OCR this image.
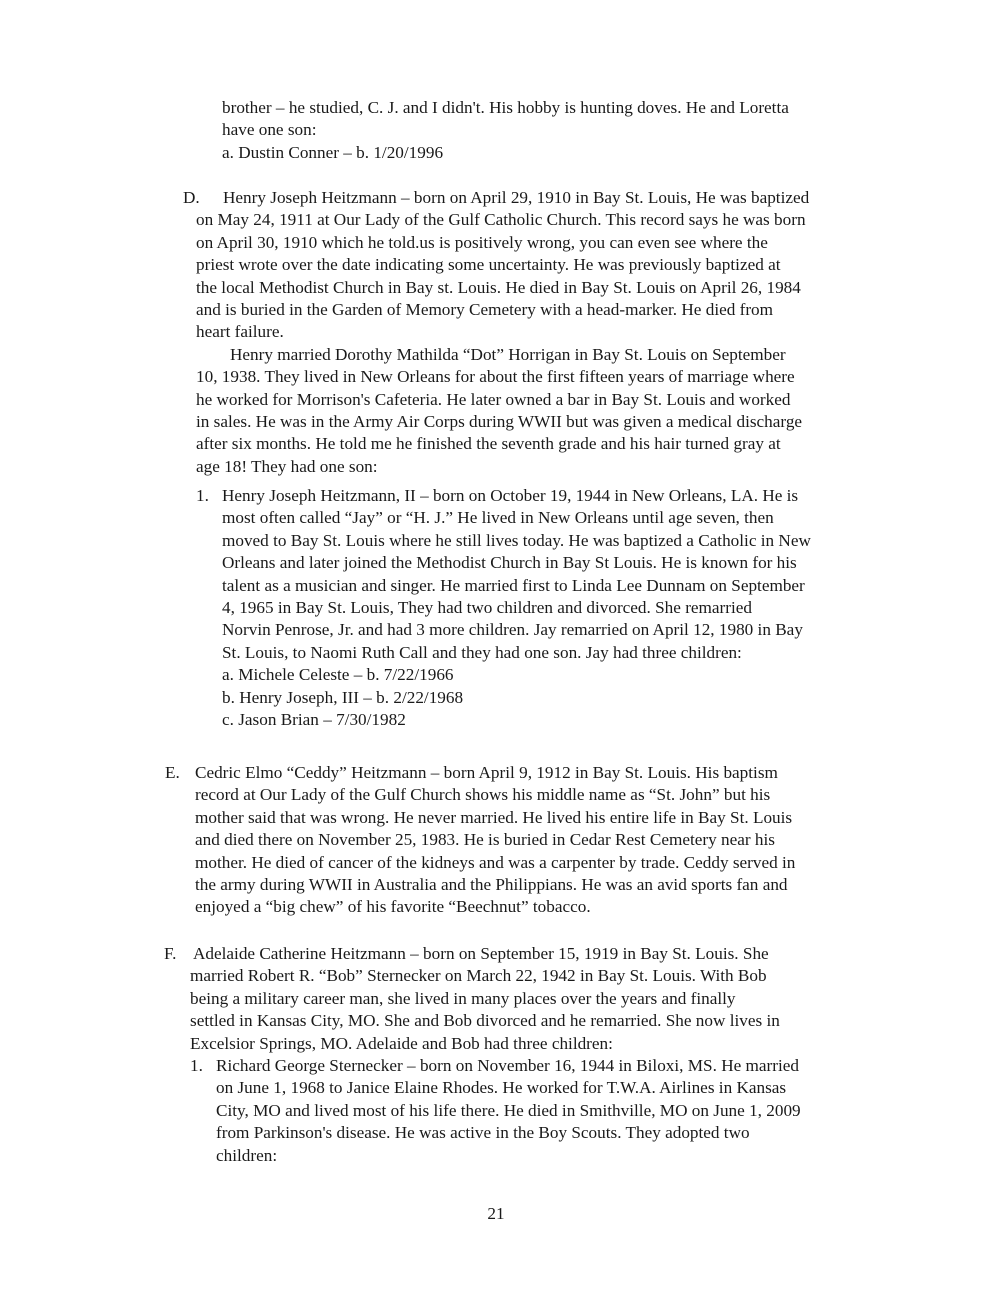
brother – he studied, C. J. and I didn't. His hobby is hunting doves. He and Loretta
have one son:
a. Dustin Conner – b. 1/20/1996
D. Henry Joseph Heitzmann – born on April 29, 1910 in Bay St. Louis, He was baptized
on May 24, 1911 at Our Lady of the Gulf Catholic Church. This record says he was born
on April 30, 1910 which he told.us is positively wrong, you can even see where the
priest wrote over the date indicating some uncertainty. He was previously baptized at
the local Methodist Church in Bay st. Louis. He died in Bay St. Louis on April 26, 1984
and is buried in the Garden of Memory Cemetery with a head-marker. He died from
heart failure.
Henry married Dorothy Mathilda “Dot” Horrigan in Bay St. Louis on September
10, 1938. They lived in New Orleans for about the first fifteen years of marriage where
he worked for Morrison's Cafeteria. He later owned a bar in Bay St. Louis and worked
in sales. He was in the Army Air Corps during WWII but was given a medical discharge
after six months. He told me he finished the seventh grade and his hair turned gray at
age 18! They had one son:
1. Henry Joseph Heitzmann, II – born on October 19, 1944 in New Orleans, LA. He is
most often called “Jay” or “H. J.” He lived in New Orleans until age seven, then
moved to Bay St. Louis where he still lives today. He was baptized a Catholic in New
Orleans and later joined the Methodist Church in Bay St Louis. He is known for his
talent as a musician and singer. He married first to Linda Lee Dunnam on September
4, 1965 in Bay St. Louis, They had two children and divorced. She remarried
Norvin Penrose, Jr. and had 3 more children. Jay remarried on April 12, 1980 in Bay
St. Louis, to Naomi Ruth Call and they had one son. Jay had three children:
a. Michele Celeste – b. 7/22/1966
b. Henry Joseph, III – b. 2/22/1968
c. Jason Brian – 7/30/1982
E. Cedric Elmo “Ceddy” Heitzmann – born April 9, 1912 in Bay St. Louis. His baptism
record at Our Lady of the Gulf Church shows his middle name as “St. John” but his
mother said that was wrong. He never married. He lived his entire life in Bay St. Louis
and died there on November 25, 1983. He is buried in Cedar Rest Cemetery near his
mother. He died of cancer of the kidneys and was a carpenter by trade. Ceddy served in
the army during WWII in Australia and the Philippians. He was an avid sports fan and
enjoyed a “big chew” of his favorite “Beechnut” tobacco.
F. Adelaide Catherine Heitzmann – born on September 15, 1919 in Bay St. Louis. She
married Robert R. “Bob” Sternecker on March 22, 1942 in Bay St. Louis. With Bob
being a military career man, she lived in many places over the years and finally
settled in Kansas City, MO. She and Bob divorced and he remarried. She now lives in
Excelsior Springs, MO. Adelaide and Bob had three children:
1. Richard George Sternecker – born on November 16, 1944 in Biloxi, MS. He married
on June 1, 1968 to Janice Elaine Rhodes. He worked for T.W.A. Airlines in Kansas
City, MO and lived most of his life there. He died in Smithville, MO on June 1, 2009
from Parkinson's disease. He was active in the Boy Scouts. They adopted two
children:
21
